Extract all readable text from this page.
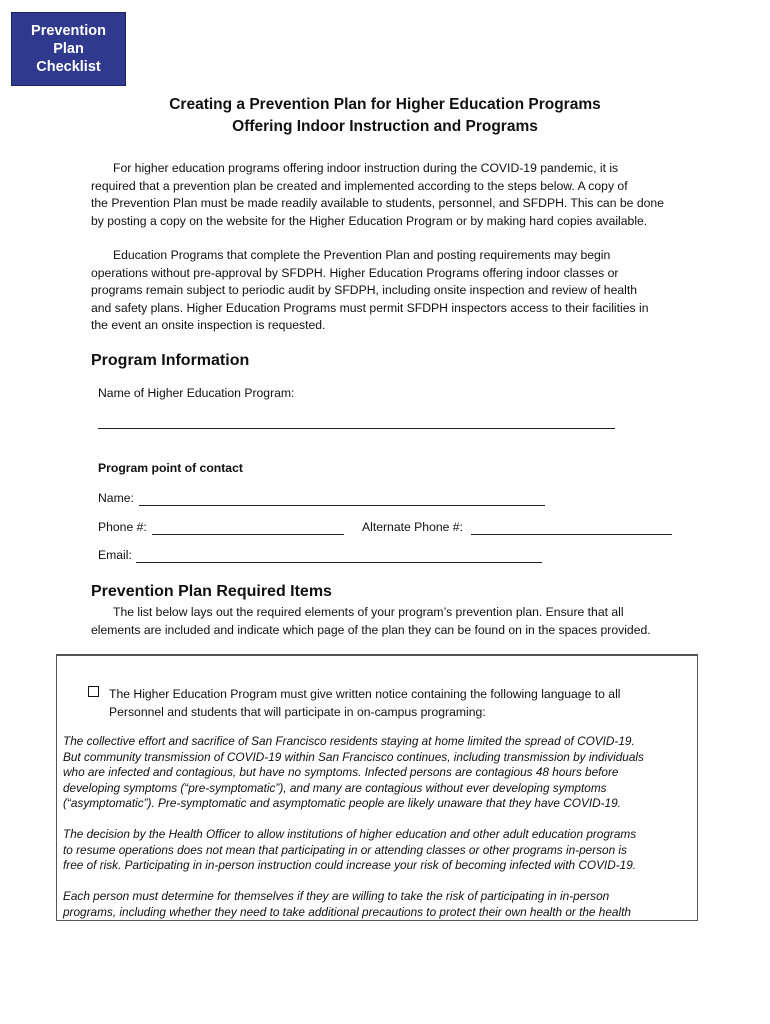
Prevention
Plan
Checklist
Creating a Prevention Plan for Higher Education Programs
Offering Indoor Instruction and Programs
For higher education programs offering indoor instruction during the COVID-19 pandemic, it is
required that a prevention plan be created and implemented according to the steps below. A copy of
the Prevention Plan must be made readily available to students, personnel, and SFDPH. This can be done
by posting a copy on the website for the Higher Education Program or by making hard copies available.
Education Programs that complete the Prevention Plan and posting requirements may begin
operations without pre-approval by SFDPH. Higher Education Programs offering indoor classes or
programs remain subject to periodic audit by SFDPH, including onsite inspection and review of health
and safety plans. Higher Education Programs must permit SFDPH inspectors access to their facilities in
the event an onsite inspection is requested.
Program Information
Name of Higher Education Program:
Program point of contact
Name:
Phone #:	Alternate Phone #:
Email:
Prevention Plan Required Items
The list below lays out the required elements of your program’s prevention plan. Ensure that all
elements are included and indicate which page of the plan they can be found on in the spaces provided.
The Higher Education Program must give written notice containing the following language to all
Personnel and students that will participate in on-campus programing:
The collective effort and sacrifice of San Francisco residents staying at home limited the spread of COVID-19.
But community transmission of COVID-19 within San Francisco continues, including transmission by individuals
who are infected and contagious, but have no symptoms. Infected persons are contagious 48 hours before
developing symptoms (“pre-symptomatic”), and many are contagious without ever developing symptoms
(“asymptomatic”). Pre-symptomatic and asymptomatic people are likely unaware that they have COVID-19.
The decision by the Health Officer to allow institutions of higher education and other adult education programs
to resume operations does not mean that participating in or attending classes or other programs in-person is
free of risk. Participating in in-person instruction could increase your risk of becoming infected with COVID-19.
Each person must determine for themselves if they are willing to take the risk of participating in in-person
programs, including whether they need to take additional precautions to protect their own health or the health
